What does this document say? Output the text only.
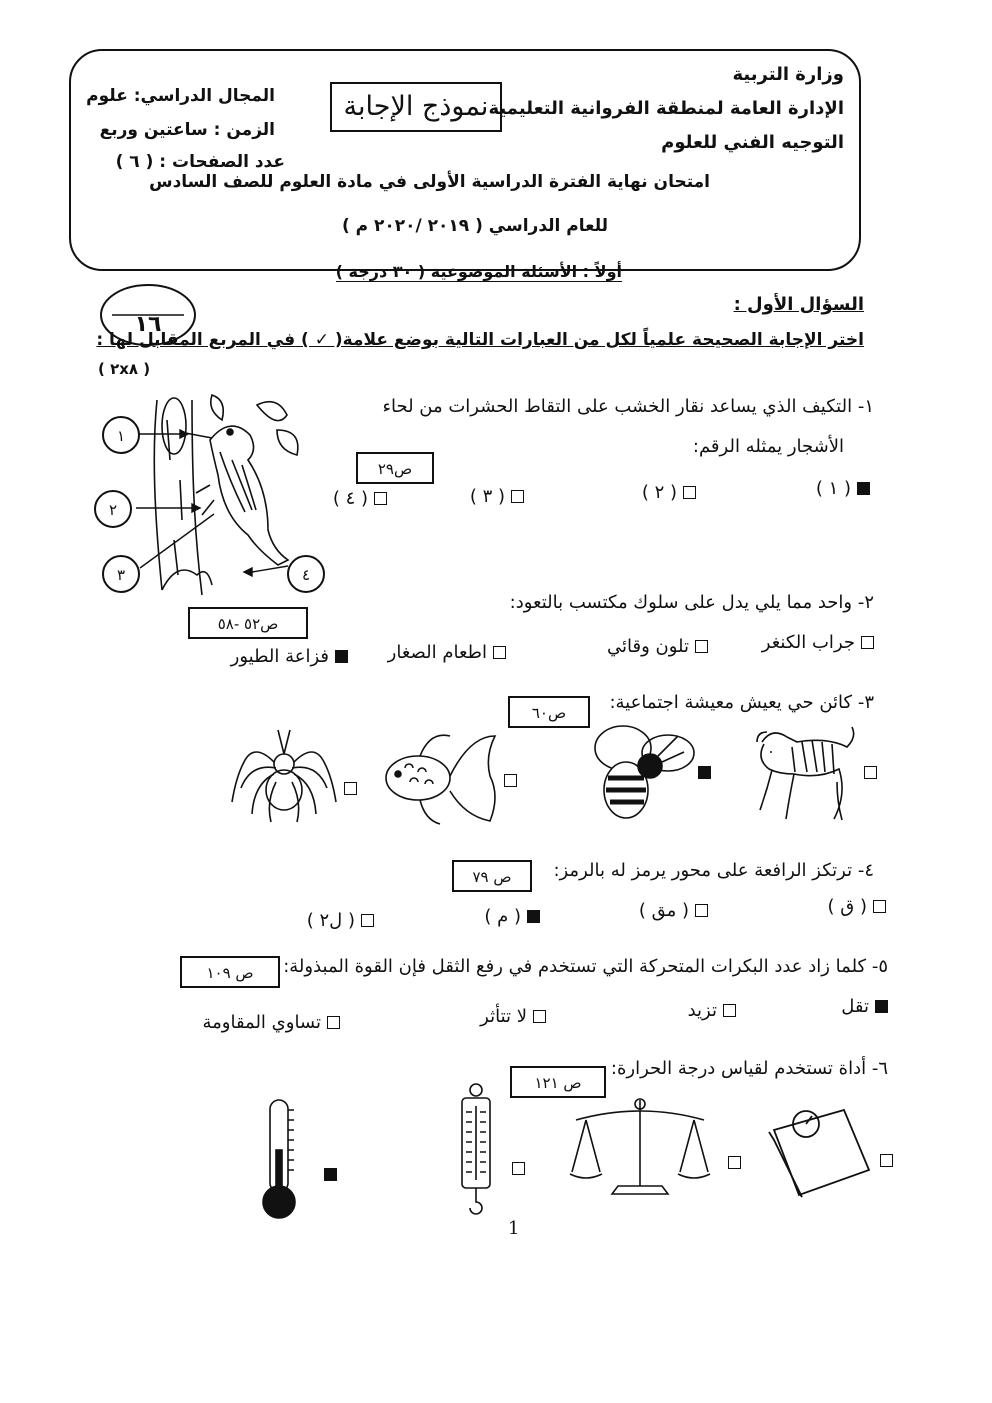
وزارة التربية
الإدارة العامة لمنطقة الفروانية التعليمية
التوجيه الفني للعلوم
نموذج الإجابة
المجال الدراسي: علوم
الزمن : ساعتين وربع
عدد الصفحات : ( ٦ )
امتحان نهاية الفترة الدراسية الأولى في مادة العلوم للصف السادس
للعام الدراسي ( ٢٠١٩ /٢٠٢٠ م )
أولاً : الأسئلة الموضوعية ( ٣٠ درجة )
١٦
السؤال الأول :
اختر الإجابة الصحيحة علمياً لكل من العبارات التالية بوضع علامة( ✓ ) في المربع المقابل لها :
( ٢x٨ )
١- التكيف الذي يساعد نقار الخشب على التقاط الحشرات من لحاء
الأشجار يمثله الرقم:
ص٢٩
( ١ )
( ٢ )
( ٣ )
( ٤ )
١
٢
٣	٤
٢- واحد مما يلي يدل على سلوك مكتسب بالتعود:
ص٥٢ -٥٨
جراب الكنغر
تلون وقائي
اطعام الصغار
فزاعة الطيور
٣- كائن حي يعيش معيشة اجتماعية:
ص٦٠
٤- ترتكز الرافعة على محور يرمز له بالرمز:
ص ٧٩
( ق )
( مق )
( م )
( ل٢ )
٥- كلما زاد عدد البكرات المتحركة التي تستخدم في رفع الثقل فإن القوة المبذولة:
ص ١٠٩
تقل
تزيد
لا تتأثر
تساوي المقاومة
٦- أداة تستخدم لقياس درجة الحرارة:
ص ١٢١
1
